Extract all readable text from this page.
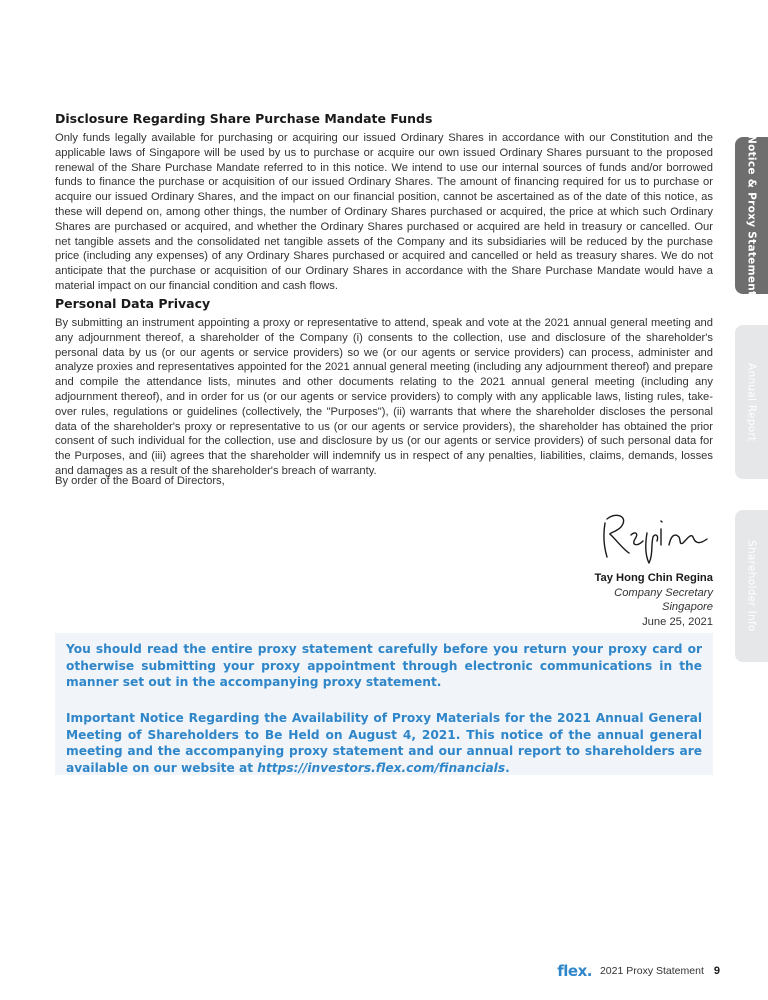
Disclosure Regarding Share Purchase Mandate Funds

Only funds legally available for purchasing or acquiring our issued Ordinary Shares in accordance with our Constitution and the applicable laws of Singapore will be used by us to purchase or acquire our own issued Ordinary Shares pursuant to the proposed renewal of the Share Purchase Mandate referred to in this notice. We intend to use our internal sources of funds and/or borrowed funds to finance the purchase or acquisition of our issued Ordinary Shares. The amount of financing required for us to purchase or acquire our issued Ordinary Shares, and the impact on our financial position, cannot be ascertained as of the date of this notice, as these will depend on, among other things, the number of Ordinary Shares purchased or acquired, the price at which such Ordinary Shares are purchased or acquired, and whether the Ordinary Shares purchased or acquired are held in treasury or cancelled. Our net tangible assets and the consolidated net tangible assets of the Company and its subsidiaries will be reduced by the purchase price (including any expenses) of any Ordinary Shares purchased or acquired and cancelled or held as treasury shares. We do not anticipate that the purchase or acquisition of our Ordinary Shares in accordance with the Share Purchase Mandate would have a material impact on our financial condition and cash flows.

Personal Data Privacy

By submitting an instrument appointing a proxy or representative to attend, speak and vote at the 2021 annual general meeting and any adjournment thereof, a shareholder of the Company (i) consents to the collection, use and disclosure of the shareholder's personal data by us (or our agents or service providers) so we (or our agents or service providers) can process, administer and analyze proxies and representatives appointed for the 2021 annual general meeting (including any adjournment thereof) and prepare and compile the attendance lists, minutes and other documents relating to the 2021 annual general meeting (including any adjournment thereof), and in order for us (or our agents or service providers) to comply with any applicable laws, listing rules, take-over rules, regulations or guidelines (collectively, the "Purposes"), (ii) warrants that where the shareholder discloses the personal data of the shareholder's proxy or representative to us (or our agents or service providers), the shareholder has obtained the prior consent of such individual for the collection, use and disclosure by us (or our agents or service providers) of such personal data for the Purposes, and (iii) agrees that the shareholder will indemnify us in respect of any penalties, liabilities, claims, demands, losses and damages as a result of the shareholder's breach of warranty.

By order of the Board of Directors,
Tay Hong Chin Regina
Company Secretary
Singapore
June 25, 2021

You should read the entire proxy statement carefully before you return your proxy card or otherwise submitting your proxy appointment through electronic communications in the manner set out in the accompanying proxy statement.

Important Notice Regarding the Availability of Proxy Materials for the 2021 Annual General Meeting of Shareholders to Be Held on August 4, 2021. This notice of the annual general meeting and the accompanying proxy statement and our annual report to shareholders are available on our website at https://investors.flex.com/financials.

Notice & Proxy Statement
Annual Report
Shareholder Info
flex. 2021 Proxy Statement 9
